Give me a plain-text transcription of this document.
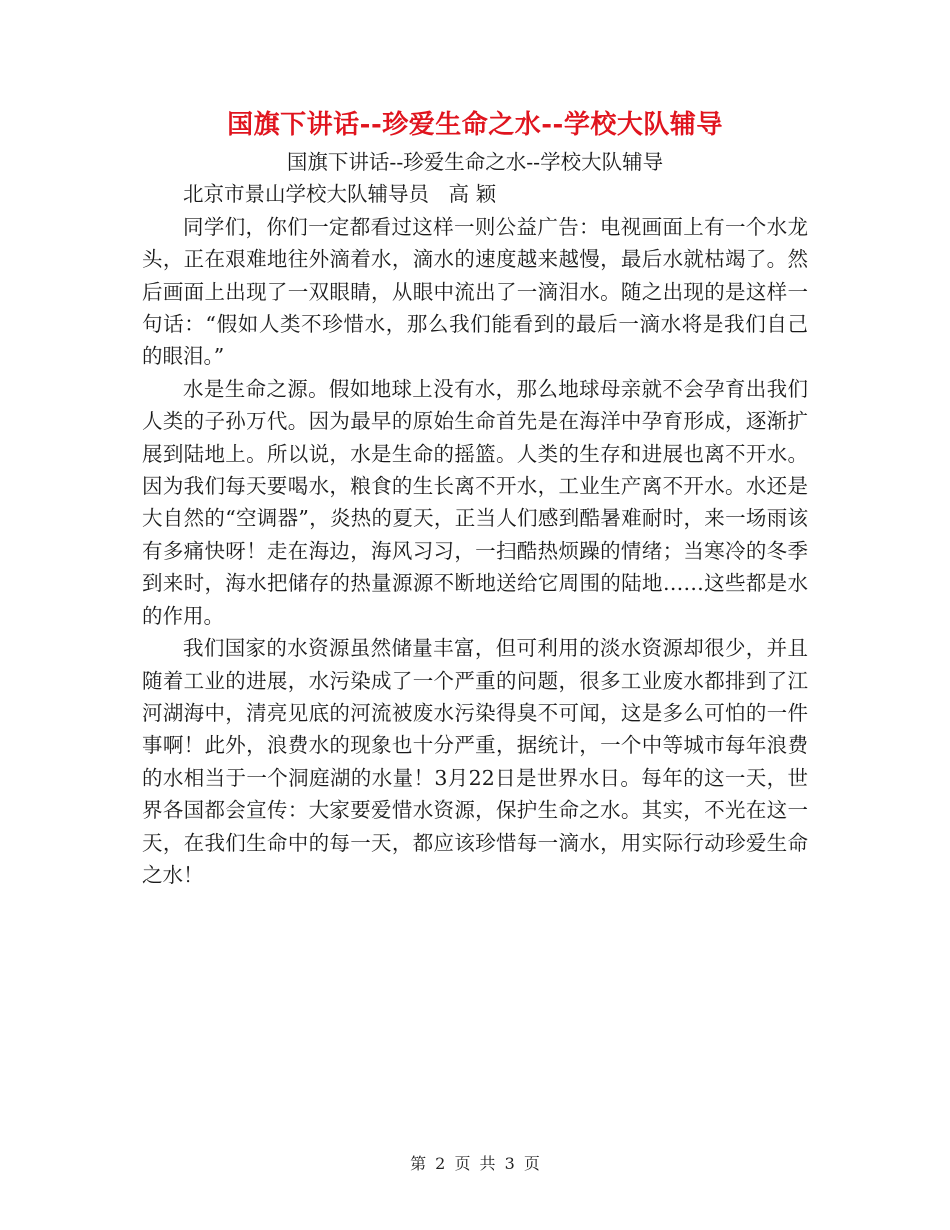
国旗下讲话--珍爱生命之水--学校大队辅导

国旗下讲话--珍爱生命之水--学校大队辅导

北京市景山学校大队辅导员   高 颖

同学们，你们一定都看过这样一则公益广告：电视画面上有一个水龙头，正在艰难地往外滴着水，滴水的速度越来越慢，最后水就枯竭了。然后画面上出现了一双眼睛，从眼中流出了一滴泪水。随之出现的是这样一句话：“假如人类不珍惜水，那么我们能看到的最后一滴水将是我们自己的眼泪。”

水是生命之源。假如地球上没有水，那么地球母亲就不会孕育出我们人类的子孙万代。因为最早的原始生命首先是在海洋中孕育形成，逐渐扩展到陆地上。所以说，水是生命的摇篮。人类的生存和进展也离不开水。因为我们每天要喝水，粮食的生长离不开水，工业生产离不开水。水还是大自然的“空调器”，炎热的夏天，正当人们感到酷暑难耐时，来一场雨该有多痛快呀！走在海边，海风习习，一扫酷热烦躁的情绪；当寒冷的冬季到来时，海水把储存的热量源源不断地送给它周围的陆地……这些都是水的作用。

我们国家的水资源虽然储量丰富，但可利用的淡水资源却很少，并且随着工业的进展，水污染成了一个严重的问题，很多工业废水都排到了江河湖海中，清亮见底的河流被废水污染得臭不可闻，这是多么可怕的一件事啊！此外，浪费水的现象也十分严重，据统计，一个中等城市每年浪费的水相当于一个洞庭湖的水量！3月22日是世界水日。每年的这一天，世界各国都会宣传：大家要爱惜水资源，保护生命之水。其实，不光在这一天，在我们生命中的每一天，都应该珍惜每一滴水，用实际行动珍爱生命之水！

第 2 页 共 3 页
